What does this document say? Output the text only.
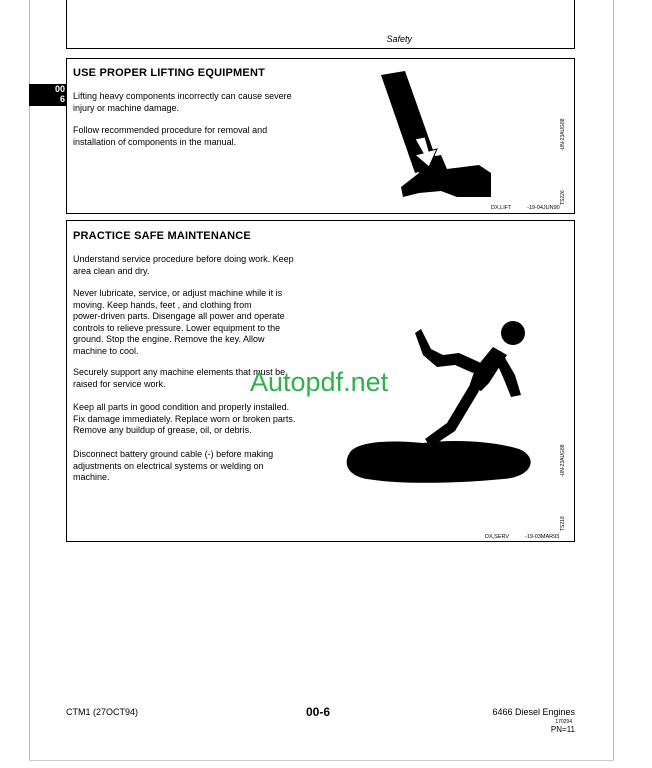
Safety
00
6
USE PROPER LIFTING EQUIPMENT
Lifting heavy components incorrectly can cause severe
injury or machine damage.
Follow recommended procedure for removal and
installation of components in the manual.	-UN-23AUG88
TS226
DX,LIFT	-19-04JUN90
PRACTICE SAFE MAINTENANCE
Understand service procedure before doing work. Keep
area clean and dry.
Never lubricate, service, or adjust machine while it is
moving. Keep hands, feet , and clothing from
power-driven parts. Disengage all power and operate
controls to relieve pressure. Lower equipment to the
ground. Stop the engine. Remove the key. Allow
machine to cool.
Securely support any machine elements that must be
raised for service work.
Keep all parts in good condition and properly installed.
Fix damage immediately. Replace worn or broken parts.
Remove any buildup of grease, oil, or debris.
Disconnect battery ground cable (-) before making
adjustments on electrical systems or welding on
machine.	-UN-23AUG88
TS218
DX,SERV	-19-03MAR93
Autopdf.net
CTM1 (27OCT94)	00-6	6466 Diesel Engines
170294
PN=11
